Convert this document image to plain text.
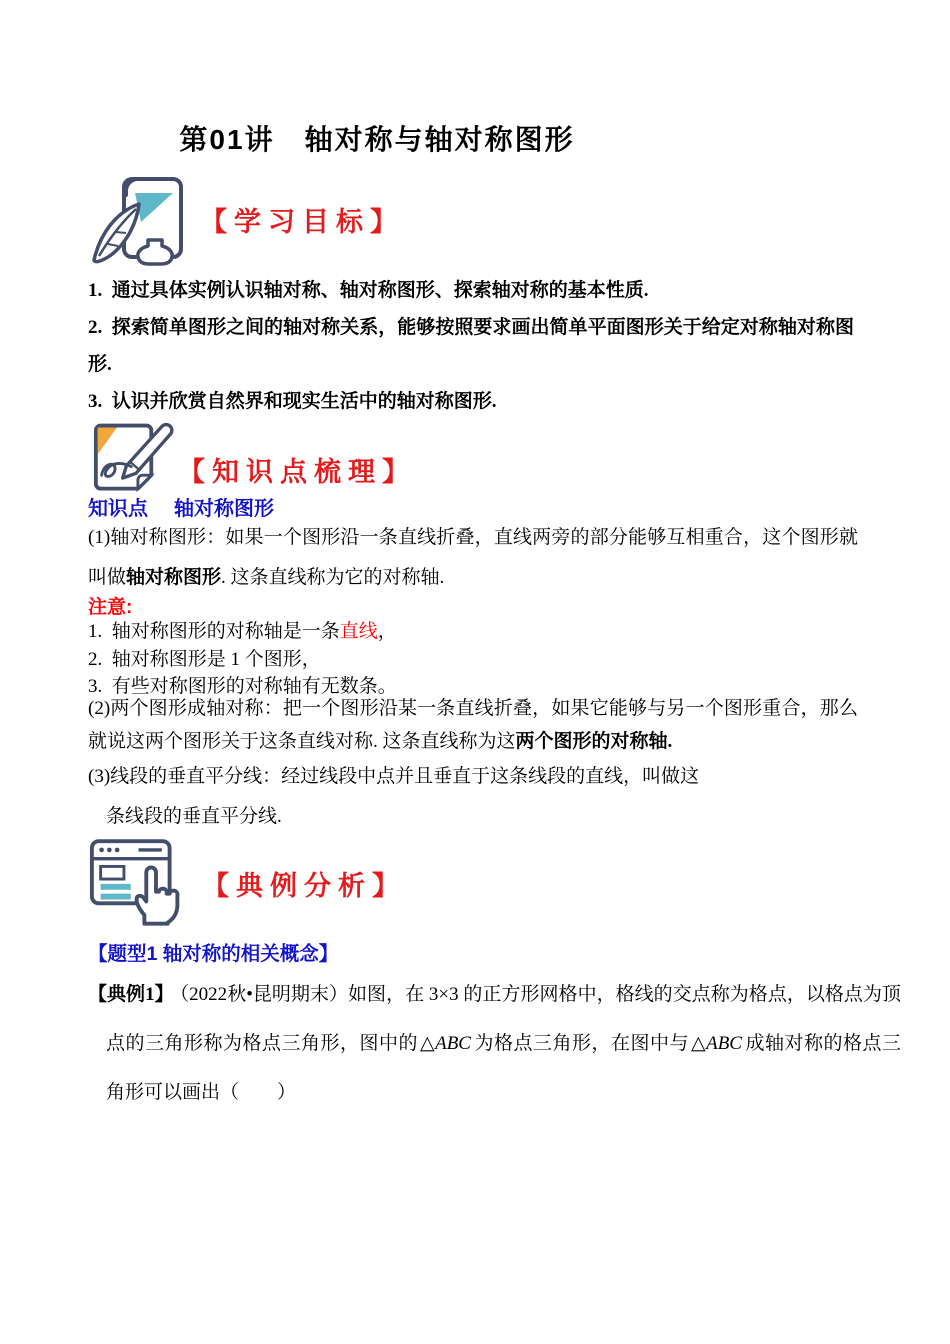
第01讲　轴对称与轴对称图形
【学习目标】
1. 通过具体实例认识轴对称、轴对称图形、探索轴对称的基本性质.
2. 探索简单图形之间的轴对称关系，能够按照要求画出简单平面图形关于给定对称轴对称图形.
3. 认识并欣赏自然界和现实生活中的轴对称图形.
【知识点梳理】
知识点 轴对称图形

(1)轴对称图形：如果一个图形沿一条直线折叠，直线两旁的部分能够互相重合，这个图形就叫做轴对称图形. 这条直线称为它的对称轴.

注意:
1. 轴对称图形的对称轴是一条直线，
2. 轴对称图形是 1 个图形，
3. 有些对称图形的对称轴有无数条。

(2)两个图形成轴对称：把一个图形沿某一条直线折叠，如果它能够与另一个图形重合，那么就说这两个图形关于这条直线对称. 这条直线称为这两个图形的对称轴.

(3)线段的垂直平分线：经过线段中点并且垂直于这条线段的直线，叫做这
条线段的垂直平分线.

【典例分析】
【题型1 轴对称的相关概念】

【典例1】 （2022秋•昆明期末）如图，在 3×3 的正方形网格中，格线的交点称为格点，以格点为顶点的三角形称为格点三角形，图中的 △ABC 为格点三角形，在图中与 △ABC 成轴对称的格点三角形可以画出（　　）
